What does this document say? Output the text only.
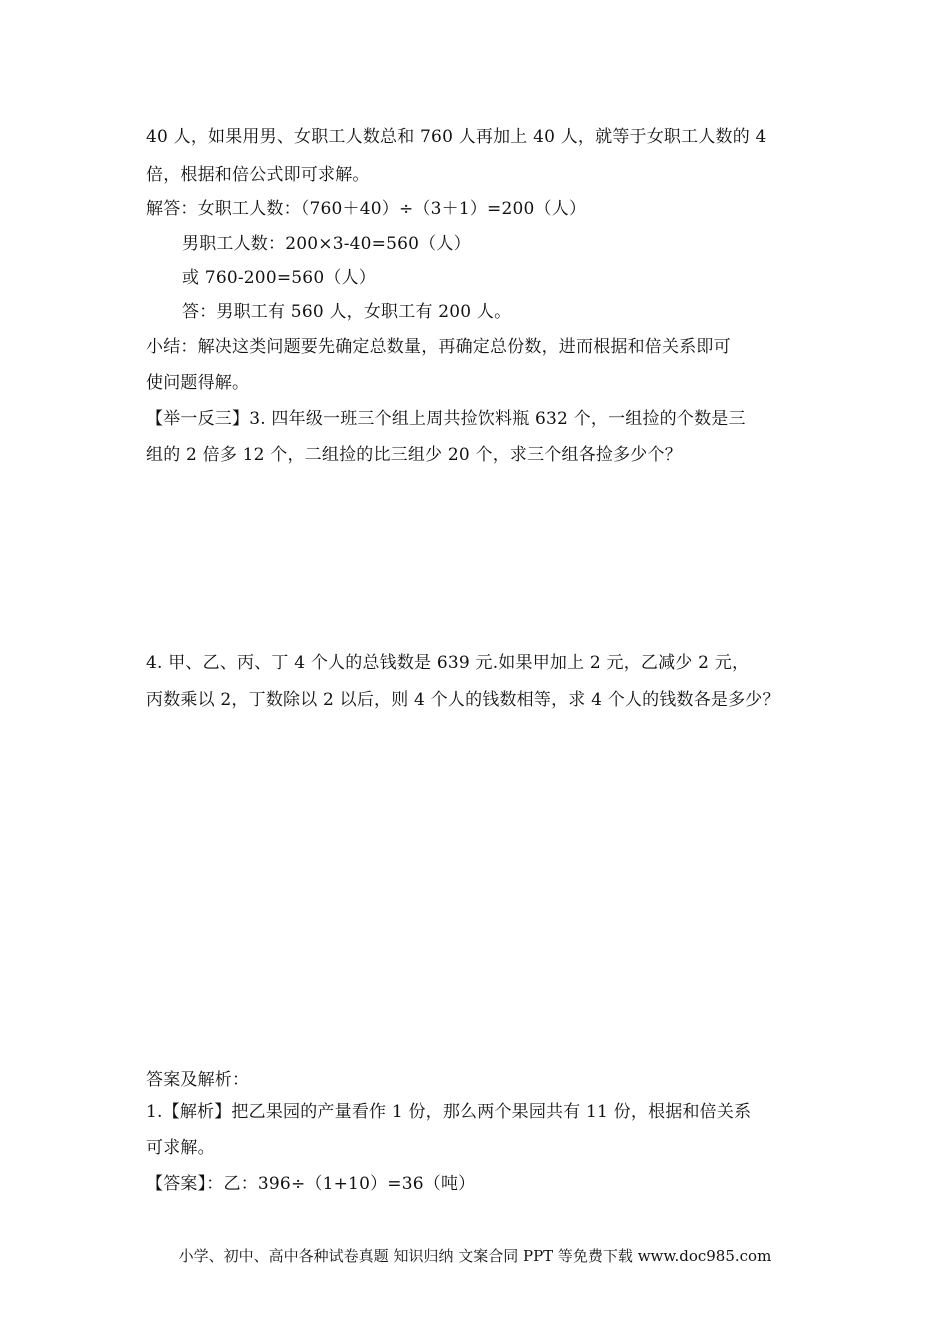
40 人，如果用男、女职工人数总和 760 人再加上 40 人，就等于女职工人数的 4
倍，根据和倍公式即可求解。
解答：女职工人数：（760＋40）÷（3＋1）=200（人）
男职工人数：200×3-40=560（人）
或 760-200=560（人）
答：男职工有 560 人，女职工有 200 人。
小结：解决这类问题要先确定总数量，再确定总份数，进而根据和倍关系即可
使问题得解。
【举一反三】3. 四年级一班三个组上周共捡饮料瓶 632 个，一组捡的个数是三
组的 2 倍多 12 个，二组捡的比三组少 20 个，求三个组各捡多少个？
4. 甲、乙、丙、丁 4 个人的总钱数是 639 元.如果甲加上 2 元，乙减少 2 元，
丙数乘以 2，丁数除以 2 以后，则 4 个人的钱数相等，求 4 个人的钱数各是多少？
答案及解析：
1.【解析】把乙果园的产量看作 1 份，那么两个果园共有 11 份，根据和倍关系
可求解。
【答案】：乙：396÷（1+10）=36（吨）
小学、初中、高中各种试卷真题 知识归纳 文案合同 PPT 等免费下载 www.doc985.com
